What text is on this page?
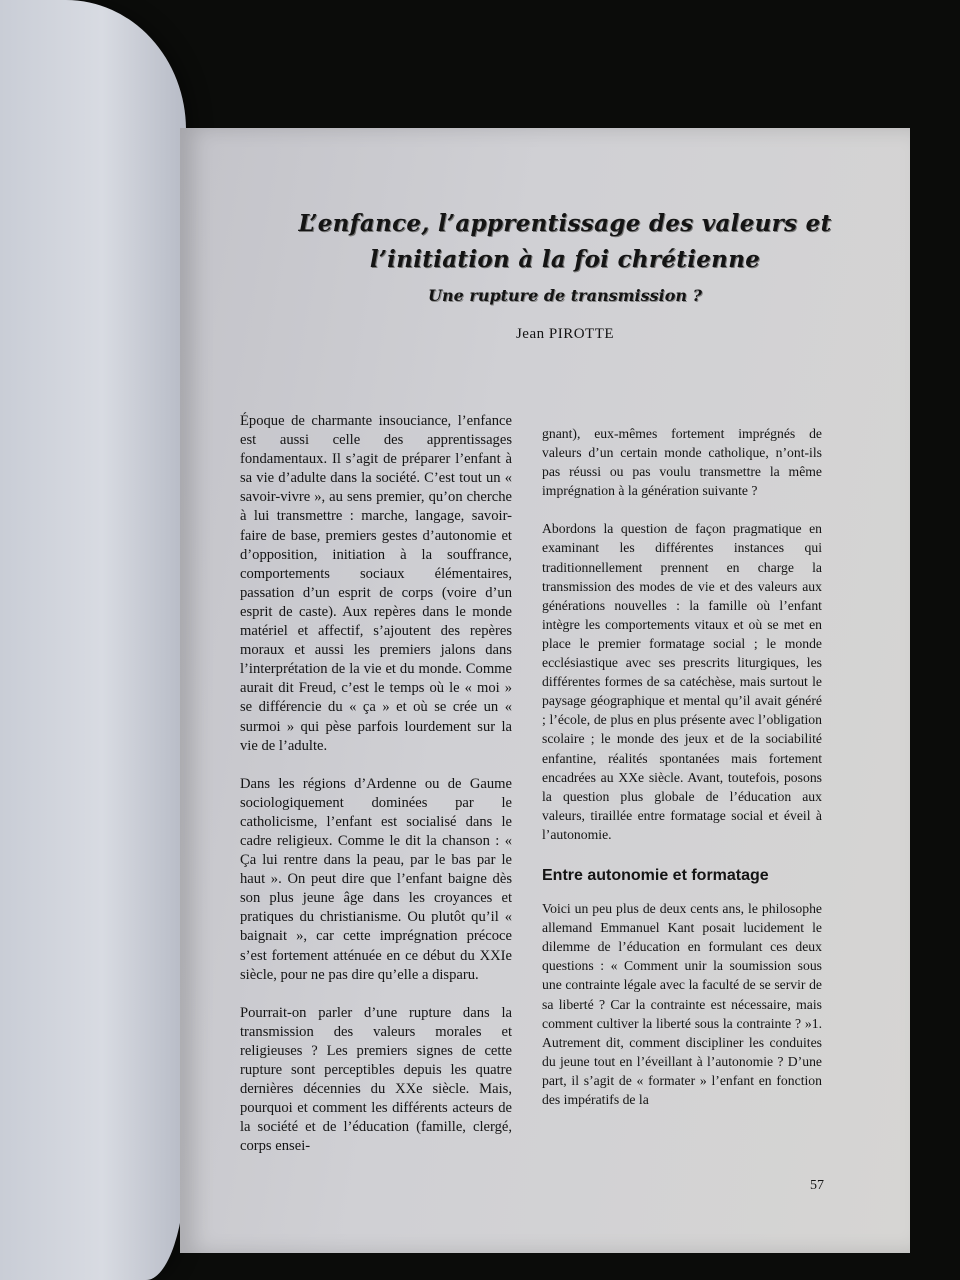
L’enfance, l’apprentissage des valeurs et
l’initiation à la foi chrétienne
Une rupture de transmission ?
Jean PIROTTE

Époque de charmante insouciance, l’enfance est aussi celle des apprentissages fondamentaux. Il s’agit de préparer l’enfant à sa vie d’adulte dans la société. C’est tout un « savoir-vivre », au sens premier, qu’on cherche à lui transmettre : marche, langage, savoir-faire de base, premiers gestes d’autonomie et d’opposition, initiation à la souffrance, comportements sociaux élémentaires, passation d’un esprit de corps (voire d’un esprit de caste). Aux repères dans le monde matériel et affectif, s’ajoutent des repères moraux et aussi les premiers jalons dans l’interprétation de la vie et du monde. Comme aurait dit Freud, c’est le temps où le « moi » se différencie du « ça » et où se crée un « surmoi » qui pèse parfois lourdement sur la vie de l’adulte.

Dans les régions d’Ardenne ou de Gaume sociologiquement dominées par le catholicisme, l’enfant est socialisé dans le cadre religieux. Comme le dit la chanson : « Ça lui rentre dans la peau, par le bas par le haut ». On peut dire que l’enfant baigne dès son plus jeune âge dans les croyances et pratiques du christianisme. Ou plutôt qu’il « baignait », car cette imprégnation précoce s’est fortement atténuée en ce début du XXIe siècle, pour ne pas dire qu’elle a disparu.

Pourrait-on parler d’une rupture dans la transmission des valeurs morales et religieuses ? Les premiers signes de cette rupture sont perceptibles depuis les quatre dernières décennies du XXe siècle. Mais, pourquoi et comment les différents acteurs de la société et de l’éducation (famille, clergé, corps ensei-

gnant), eux-mêmes fortement imprégnés de valeurs d’un certain monde catholique, n’ont-ils pas réussi ou pas voulu transmettre la même imprégnation à la génération suivante ?

Abordons la question de façon pragmatique en examinant les différentes instances qui traditionnellement prennent en charge la transmission des modes de vie et des valeurs aux générations nouvelles : la famille où l’enfant intègre les comportements vitaux et où se met en place le premier formatage social ; le monde ecclésiastique avec ses prescrits liturgiques, les différentes formes de sa catéchèse, mais surtout le paysage géographique et mental qu’il avait généré ; l’école, de plus en plus présente avec l’obligation scolaire ; le monde des jeux et de la sociabilité enfantine, réalités spontanées mais fortement encadrées au XXe siècle. Avant, toutefois, posons la question plus globale de l’éducation aux valeurs, tiraillée entre formatage social et éveil à l’autonomie.

Entre autonomie et formatage

Voici un peu plus de deux cents ans, le philosophe allemand Emmanuel Kant posait lucidement le dilemme de l’éducation en formulant ces deux questions : « Comment unir la soumission sous une contrainte légale avec la faculté de se servir de sa liberté ? Car la contrainte est nécessaire, mais comment cultiver la liberté sous la contrainte ? »1. Autrement dit, comment discipliner les conduites du jeune tout en l’éveillant à l’autonomie ? D’une part, il s’agit de « formater » l’enfant en fonction des impératifs de la

57
